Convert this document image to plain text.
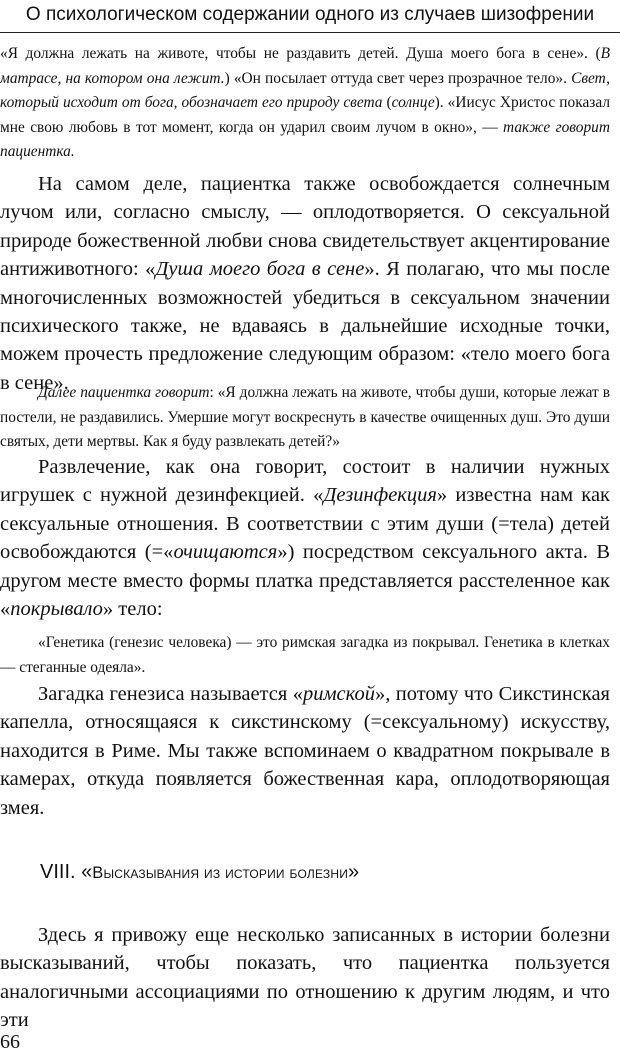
О психологическом содержании одного из случаев шизофрении
«Я должна лежать на животе, чтобы не раздавить детей. Душа моего бога в сене». (В матрасе, на котором она лежит.) «Он посылает оттуда свет через прозрачное тело». Свет, который исходит от бога, обозначает его природу света (солнце). «Иисус Христос показал мне свою любовь в тот момент, когда он ударил своим лучом в окно», — также говорит пациентка.
На самом деле, пациентка также освобождается солнечным лучом или, согласно смыслу, — оплодотворяется. О сексуальной природе божественной любви снова свидетельствует акцентирование антиживотного: «Душа моего бога в сене». Я полагаю, что мы после многочисленных возможностей убедиться в сексуальном значении психического также, не вдаваясь в дальнейшие исходные точки, можем прочесть предложение следующим образом: «тело моего бога в сене».
Далее пациентка говорит: «Я должна лежать на животе, чтобы души, которые лежат в постели, не раздавились. Умершие могут воскреснуть в качестве очищенных душ. Это души святых, дети мертвы. Как я буду развлекать детей?»
Развлечение, как она говорит, состоит в наличии нужных игрушек с нужной дезинфекцией. «Дезинфекция» известна нам как сексуальные отношения. В соответствии с этим души (=тела) детей освобождаются (=«очищаются») посредством сексуального акта. В другом месте вместо формы платка представляется расстеленное как «покрывало» тело:
«Генетика (генезис человека) — это римская загадка из покрывал. Генетика в клетках — стеганные одеяла».
Загадка генезиса называется «римской», потому что Сикстинская капелла, относящаяся к сикстинскому (=сексуальному) искусству, находится в Риме. Мы также вспоминаем о квадратном покрывале в камерах, откуда появляется божественная кара, оплодотворяющая змея.
VIII. «Высказывания из истории болезни»
Здесь я привожу еще несколько записанных в истории болезни высказываний, чтобы показать, что пациентка пользуется аналогичными ассоциациями по отношению к другим людям, и что эти
66
